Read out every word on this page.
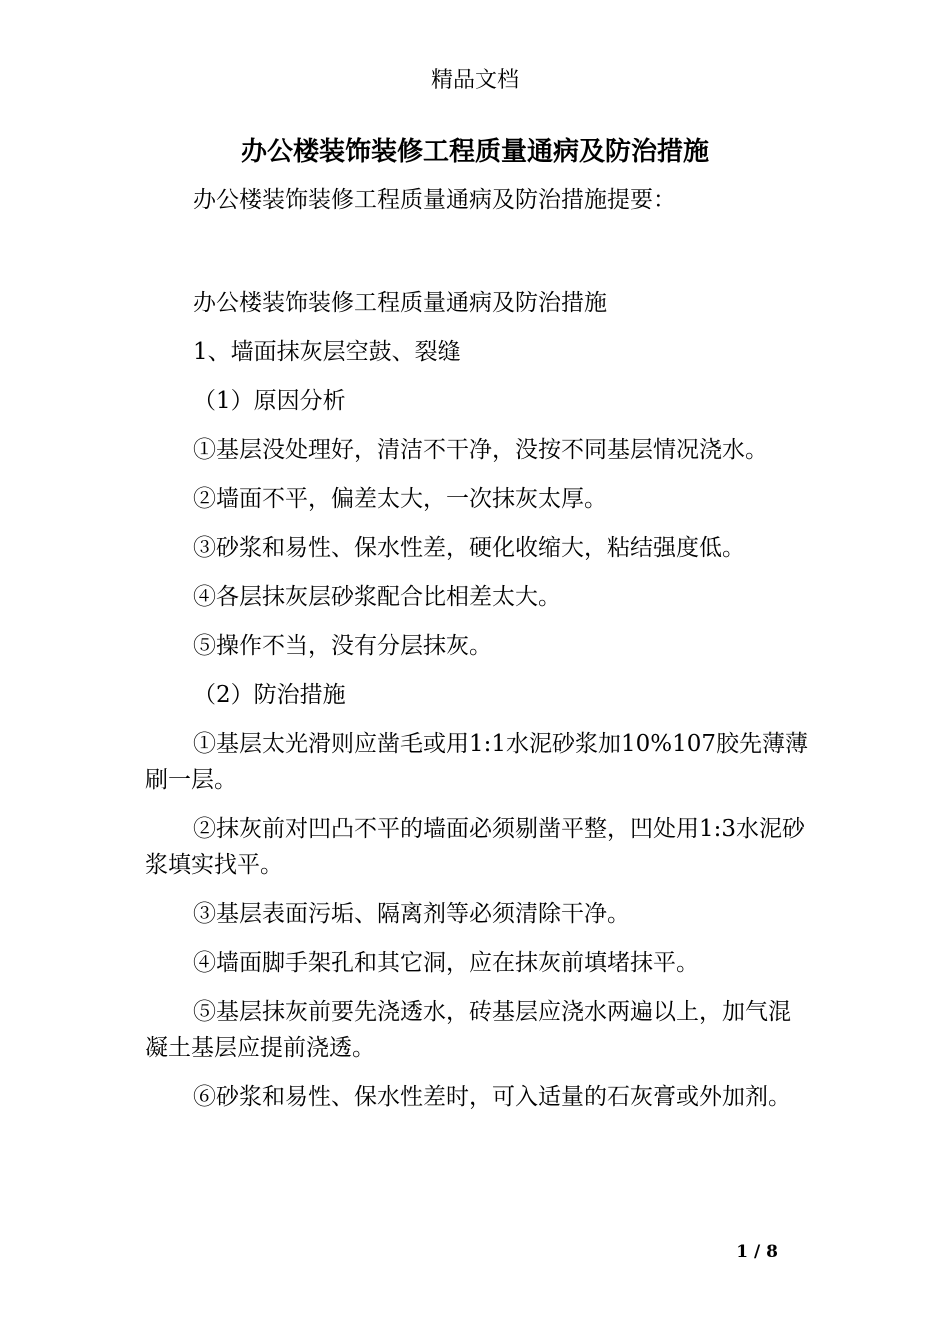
精品文档
办公楼装饰装修工程质量通病及防治措施

办公楼装饰装修工程质量通病及防治措施提要：

办公楼装饰装修工程质量通病及防治措施

1、墙面抹灰层空鼓、裂缝

（1）原因分析

①基层没处理好，清洁不干净，没按不同基层情况浇水。

②墙面不平，偏差太大，一次抹灰太厚。

③砂浆和易性、保水性差，硬化收缩大，粘结强度低。

④各层抹灰层砂浆配合比相差太大。

⑤操作不当，没有分层抹灰。

（2）防治措施

①基层太光滑则应凿毛或用1:1水泥砂浆加10%107胶先薄薄刷一层。

②抹灰前对凹凸不平的墙面必须剔凿平整，凹处用1:3水泥砂浆填实找平。

③基层表面污垢、隔离剂等必须清除干净。

④墙面脚手架孔和其它洞，应在抹灰前填堵抹平。

⑤基层抹灰前要先浇透水，砖基层应浇水两遍以上，加气混凝土基层应提前浇透。

⑥砂浆和易性、保水性差时，可入适量的石灰膏或外加剂。

1 / 8
